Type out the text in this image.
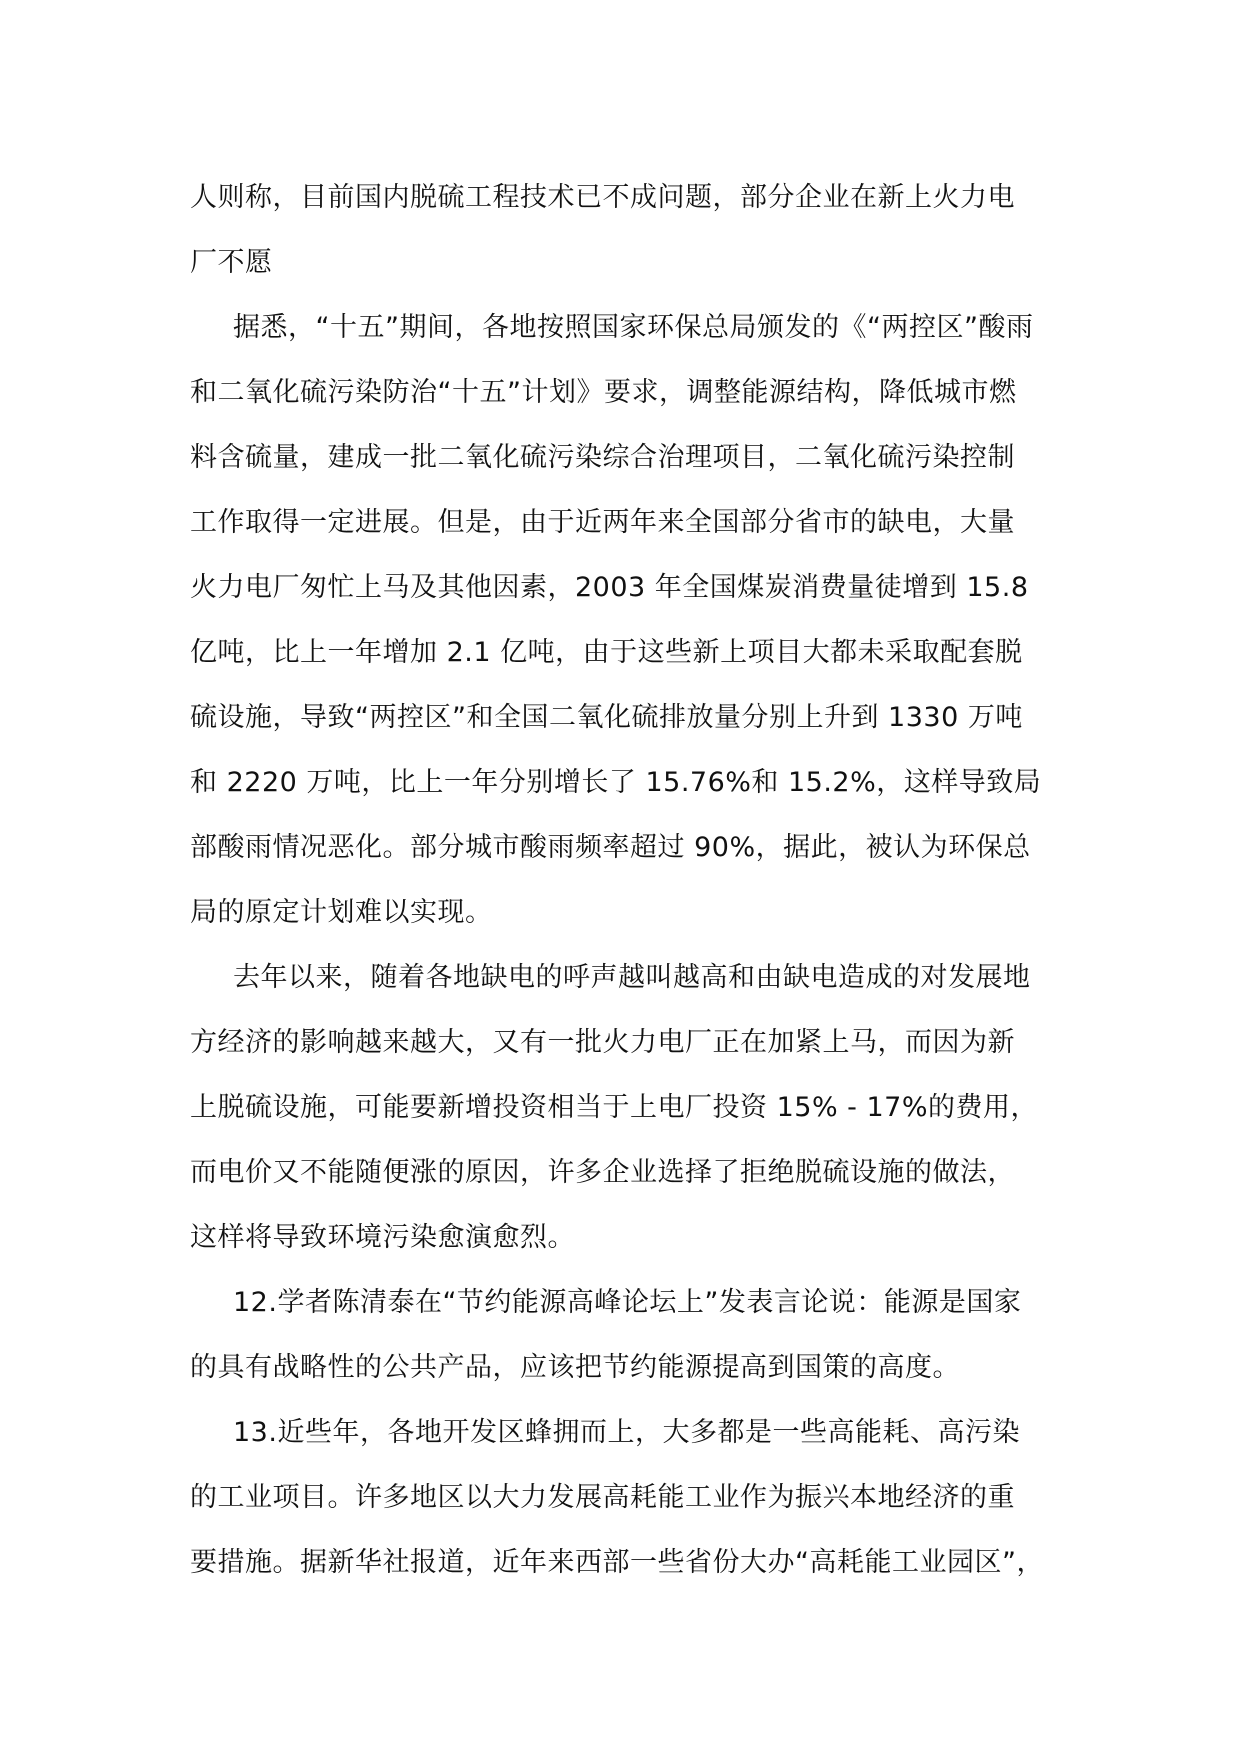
人则称，目前国内脱硫工程技术已不成问题，部分企业在新上火力电
厂不愿

据悉，“十五”期间，各地按照国家环保总局颁发的《“两控区”酸雨
和二氧化硫污染防治“十五”计划》要求，调整能源结构，降低城市燃
料含硫量，建成一批二氧化硫污染综合治理项目，二氧化硫污染控制
工作取得一定进展。但是，由于近两年来全国部分省市的缺电，大量
火力电厂匆忙上马及其他因素，2003 年全国煤炭消费量徒增到 15.8
亿吨，比上一年增加 2.1 亿吨，由于这些新上项目大都未采取配套脱
硫设施，导致“两控区”和全国二氧化硫排放量分别上升到 1330 万吨
和 2220 万吨，比上一年分别增长了 15.76%和 15.2%，这样导致局
部酸雨情况恶化。部分城市酸雨频率超过 90%，据此，被认为环保总
局的原定计划难以实现。

去年以来，随着各地缺电的呼声越叫越高和由缺电造成的对发展地
方经济的影响越来越大，又有一批火力电厂正在加紧上马，而因为新
上脱硫设施，可能要新增投资相当于上电厂投资 15% - 17%的费用，
而电价又不能随便涨的原因，许多企业选择了拒绝脱硫设施的做法，
这样将导致环境污染愈演愈烈。

12.学者陈清泰在“节约能源高峰论坛上”发表言论说：能源是国家
的具有战略性的公共产品，应该把节约能源提高到国策的高度。

13.近些年，各地开发区蜂拥而上，大多都是一些高能耗、高污染
的工业项目。许多地区以大力发展高耗能工业作为振兴本地经济的重
要措施。据新华社报道，近年来西部一些省份大办“高耗能工业园区”，
